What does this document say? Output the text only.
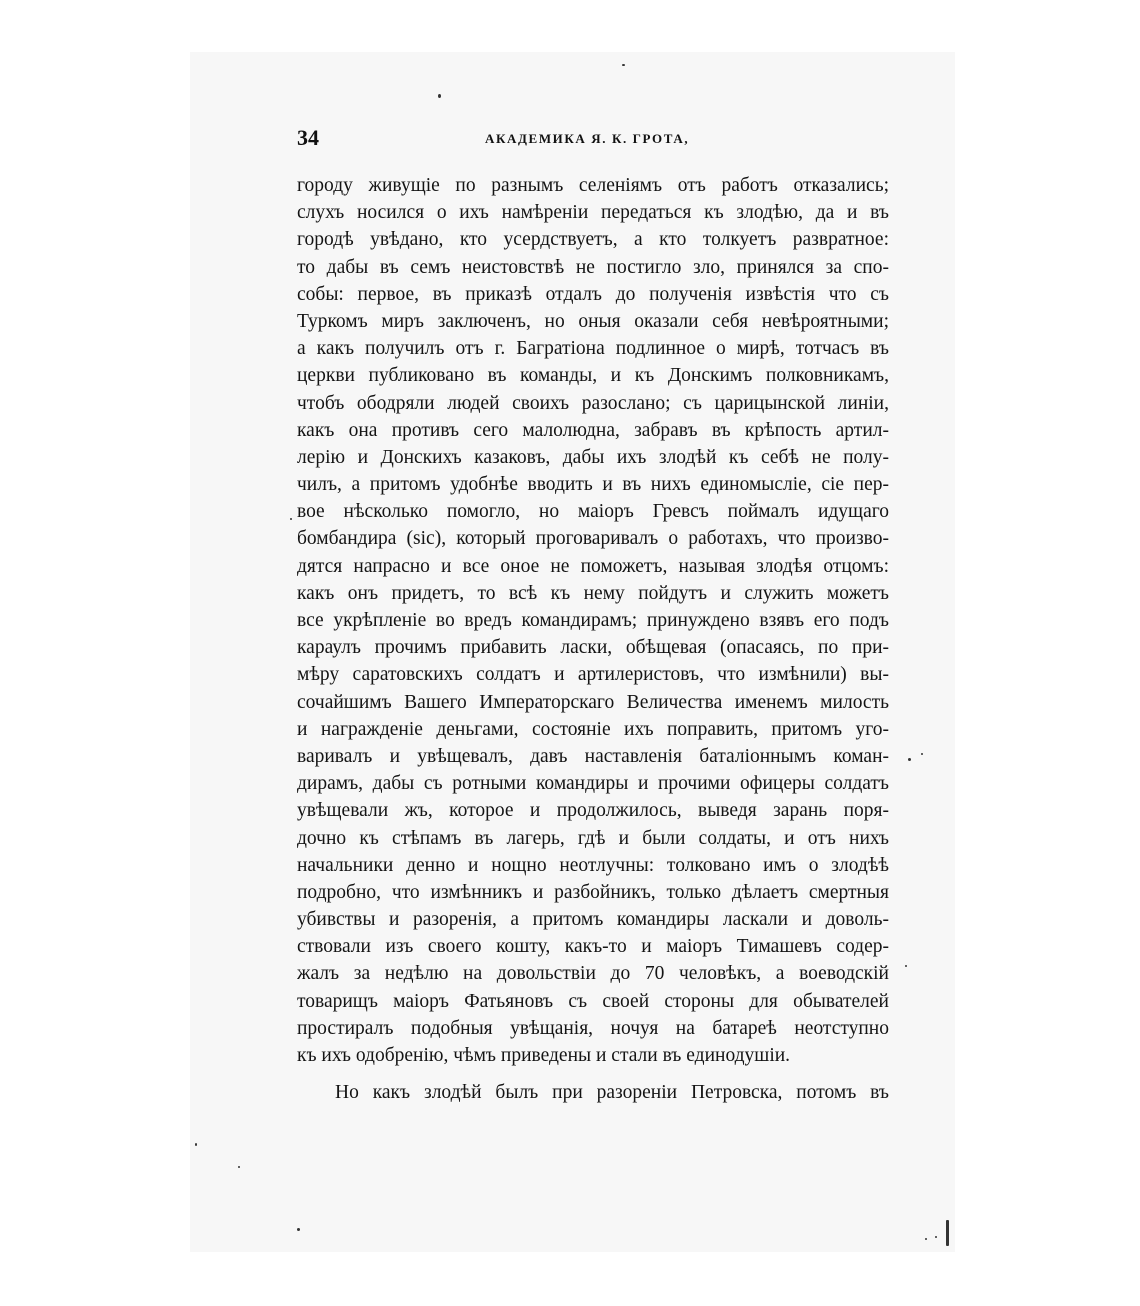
34	АКАДЕМИКА Я. К. ГРОТА,
городу живущіе по разнымъ селеніямъ отъ работъ отказались;
слухъ носился о ихъ намѣреніи передаться къ злодѣю, да и въ
городѣ увѣдано, кто усердствуетъ, а кто толкуетъ развратное:
то дабы въ семъ неистовствѣ не постигло зло, принялся за спо-
собы: первое, въ приказѣ отдалъ до полученія извѣстія что съ
Туркомъ миръ заключенъ, но оныя оказали себя невѣроятными;
а какъ получилъ отъ г. Багратіона подлинное о мирѣ, тотчасъ въ
церкви публиковано въ команды, и къ Донскимъ полковникамъ,
чтобъ ободряли людей своихъ разослано; съ царицынской линіи,
какъ она противъ сего малолюдна, забравъ въ крѣпость артил-
лерію и Донскихъ казаковъ, дабы ихъ злодѣй къ себѣ не полу-
чилъ, а притомъ удобнѣе вводить и въ нихъ единомысліе, сіе пер-
вое нѣсколько помогло, но маіоръ Гревсъ поймалъ идущаго
бомбандира (sic), который проговаривалъ о работахъ, что произво-
дятся напрасно и все оное не поможетъ, называя злодѣя отцомъ:
какъ онъ придетъ, то всѣ къ нему пойдутъ и служить можетъ
все укрѣпленіе во вредъ командирамъ; принуждено взявъ его подъ
караулъ прочимъ прибавить ласки, обѣщевая (опасаясь, по при-
мѣру саратовскихъ солдатъ и артилеристовъ, что измѣнили) вы-
сочайшимъ Вашего Императорскаго Величества именемъ милость
и награжденіе деньгами, состояніе ихъ поправить, притомъ уго-
варивалъ и увѣщевалъ, давъ наставленія баталіоннымъ коман-
дирамъ, дабы съ ротными командиры и прочими офицеры солдатъ
увѣщевали жъ, которое и продолжилось, выведя зарань поря-
дочно къ стѣпамъ въ лагерь, гдѣ и были солдаты, и отъ нихъ
начальники денно и нощно неотлучны: толковано имъ о злодѣѣ
подробно, что измѣнникъ и разбойникъ, только дѣлаетъ смертныя
убивствы и разоренія, а притомъ командиры ласкали и доволь-
ствовали изъ своего кошту, какъ-то и маіоръ Тимашевъ содер-
жалъ за недѣлю на довольствіи до 70 человѣкъ, а воеводскій
товарищъ маіоръ Фатьяновъ съ своей стороны для обывателей
простиралъ подобныя увѣщанія, ночуя на батареѣ неотступно
къ ихъ одобренію, чѣмъ приведены и стали въ единодушіи.
Но какъ злодѣй былъ при разореніи Петровска, потомъ въ
